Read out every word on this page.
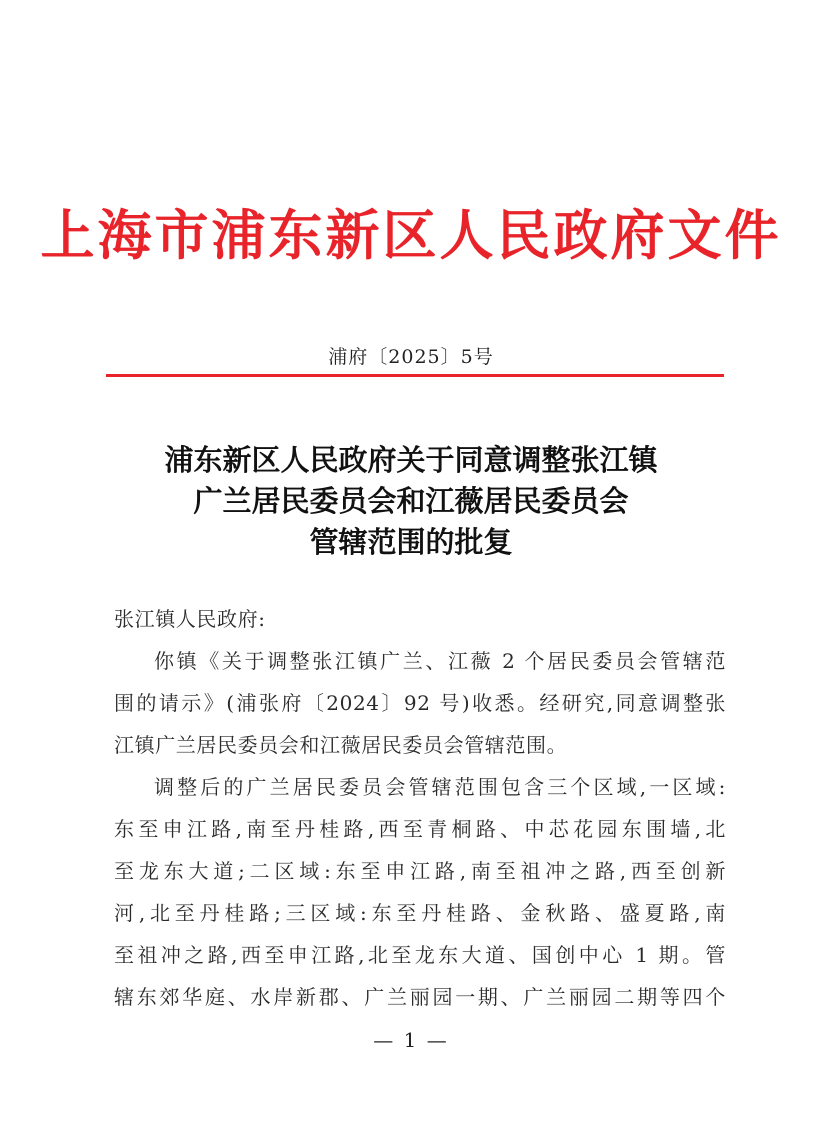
上海市浦东新区人民政府文件
浦府〔2025〕5号
浦东新区人民政府关于同意调整张江镇
广兰居民委员会和江薇居民委员会
管辖范围的批复
张江镇人民政府:
你镇《关于调整张江镇广兰、江薇 2 个居民委员会管辖范
围的请示》(浦张府〔2024〕92 号)收悉。经研究,同意调整张
江镇广兰居民委员会和江薇居民委员会管辖范围。
调整后的广兰居民委员会管辖范围包含三个区域,一区域:
东至申江路,南至丹桂路,西至青桐路、中芯花园东围墙,北
至龙东大道;二区域:东至申江路,南至祖冲之路,西至创新
河,北至丹桂路;三区域:东至丹桂路、金秋路、盛夏路,南
至祖冲之路,西至申江路,北至龙东大道、国创中心 1 期。管
辖东郊华庭、水岸新郡、广兰丽园一期、广兰丽园二期等四个
— 1 —
